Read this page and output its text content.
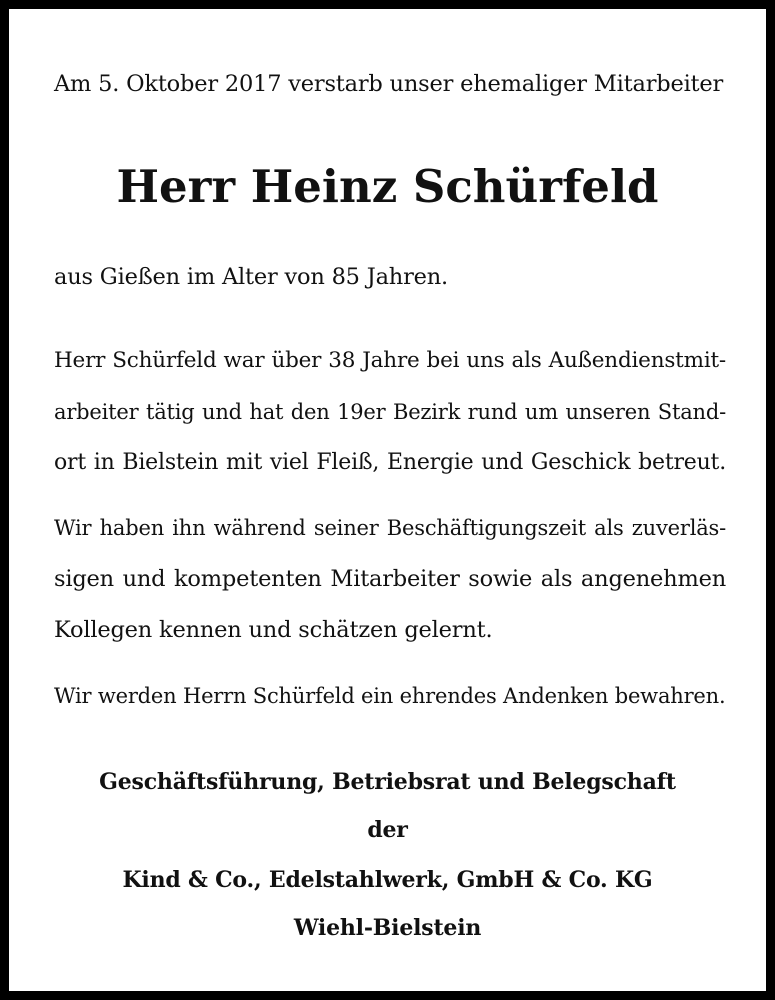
Am 5. Oktober 2017 verstarb unser ehemaliger Mitarbeiter
Herr Heinz Schürfeld
aus Gießen im Alter von 85 Jahren.
Herr Schürfeld war über 38 Jahre bei uns als Außendienstmit-
arbeiter tätig und hat den 19er Bezirk rund um unseren Stand-
ort in Bielstein mit viel Fleiß, Energie und Geschick betreut.
Wir haben ihn während seiner Beschäftigungszeit als zuverläs-
sigen und kompetenten Mitarbeiter sowie als angenehmen
Kollegen kennen und schätzen gelernt.
Wir werden Herrn Schürfeld ein ehrendes Andenken bewahren.
Geschäftsführung, Betriebsrat und Belegschaft
der
Kind & Co., Edelstahlwerk, GmbH & Co. KG
Wiehl-Bielstein
